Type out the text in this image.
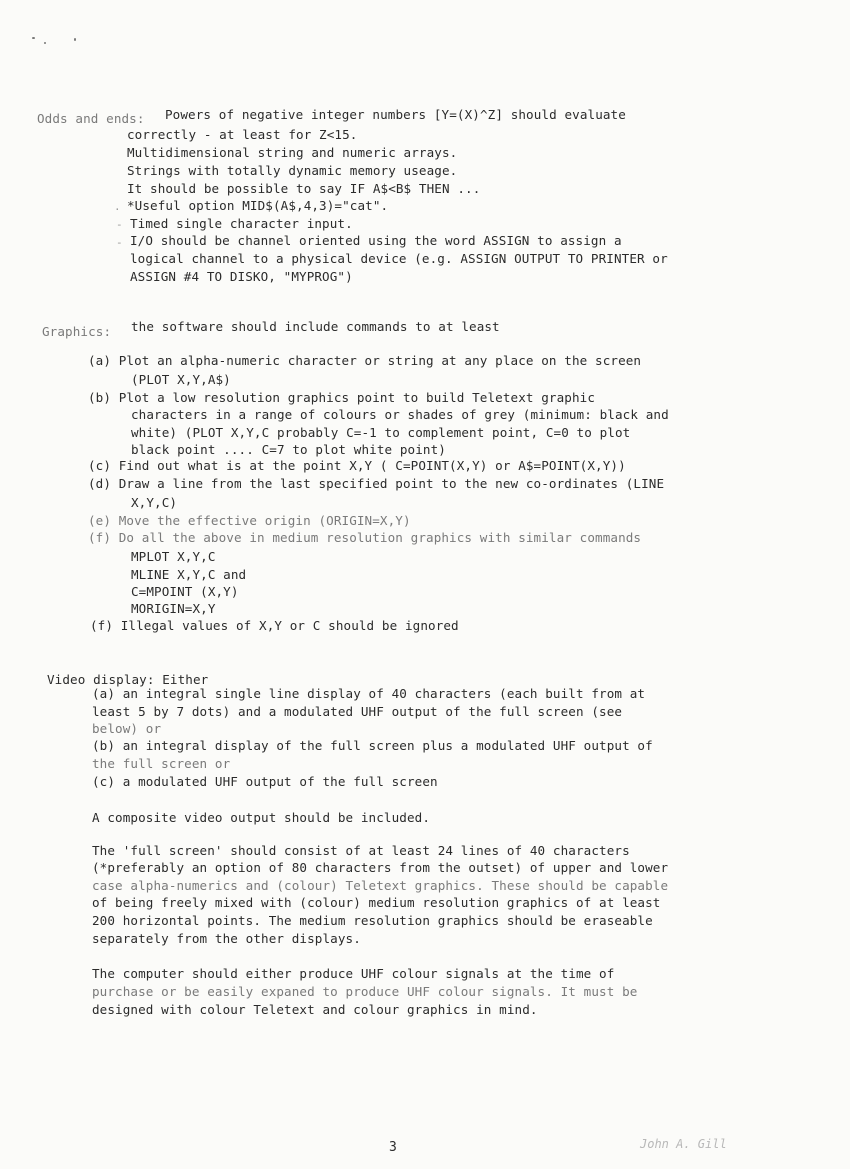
Odds and ends: Powers of negative integer numbers [Y=(X)^Z] should evaluate
correctly - at least for Z<15.
Multidimensional string and numeric arrays.
Strings with totally dynamic memory useage.
It should be possible to say IF A$<B$ THEN ...
*Useful option MID$(A$,4,3)="cat".
Timed single character input.
I/O should be channel oriented using the word ASSIGN to assign a
logical channel to a physical device (e.g. ASSIGN OUTPUT TO PRINTER or
ASSIGN #4 TO DISKO, "MYPROG")
.
-
-
Graphics: the software should include commands to at least
(a) Plot an alpha-numeric character or string at any place on the screen
(PLOT X,Y,A$)
(b) Plot a low resolution graphics point to build Teletext graphic
characters in a range of colours or shades of grey (minimum: black and
white) (PLOT X,Y,C probably C=-1 to complement point, C=0 to plot
black point .... C=7 to plot white point)
(c) Find out what is at the point X,Y ( C=POINT(X,Y) or A$=POINT(X,Y))
(d) Draw a line from the last specified point to the new co-ordinates (LINE
X,Y,C)
(e) Move the effective origin (ORIGIN=X,Y)
(f) Do all the above in medium resolution graphics with similar commands
MPLOT X,Y,C
MLINE X,Y,C and
C=MPOINT (X,Y)
MORIGIN=X,Y
(f) Illegal values of X,Y or C should be ignored
Video display: Either
(a) an integral single line display of 40 characters (each built from at
least 5 by 7 dots) and a modulated UHF output of the full screen (see
below) or
(b) an integral display of the full screen plus a modulated UHF output of
the full screen or
(c) a modulated UHF output of the full screen
A composite video output should be included.
The 'full screen' should consist of at least 24 lines of 40 characters
(*preferably an option of 80 characters from the outset) of upper and lower
case alpha-numerics and (colour) Teletext graphics. These should be capable
of being freely mixed with (colour) medium resolution graphics of at least
200 horizontal points. The medium resolution graphics should be eraseable
separately from the other displays.
The computer should either produce UHF colour signals at the time of
purchase or be easily expaned to produce UHF colour signals. It must be
designed with colour Teletext and colour graphics in mind.
3	John A. Gill
